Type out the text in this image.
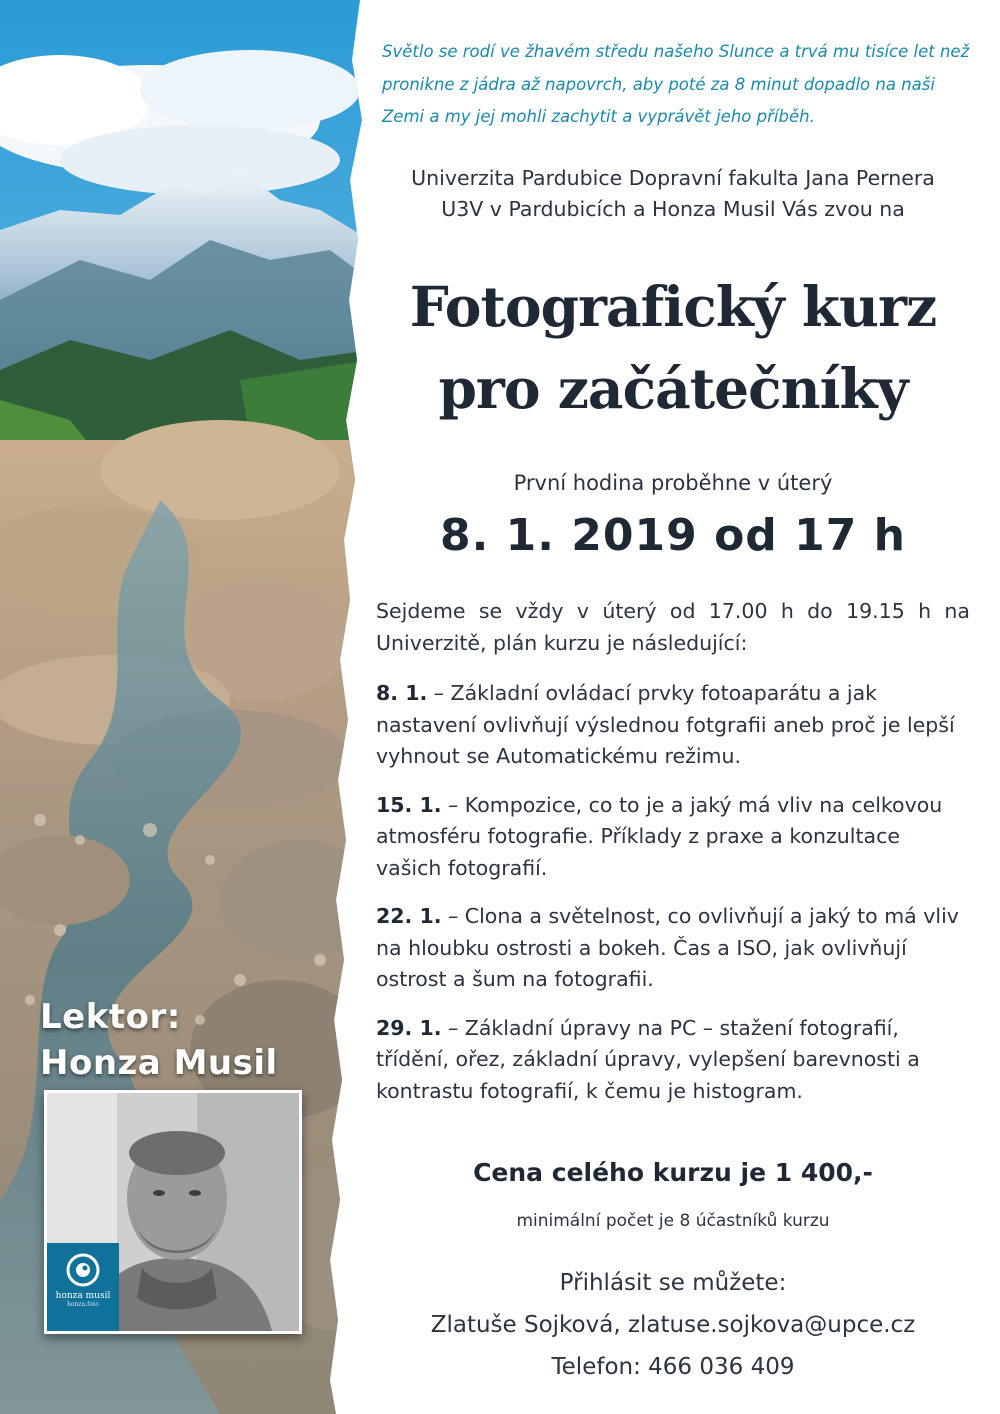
Lektor:
Honza Musil
honza musil
honza.foto
Světlo se rodí ve žhavém středu našeho Slunce a trvá mu tisíce let než pronikne z jádra až napovrch, aby poté za 8 minut dopadlo na naši Zemi a my jej mohli zachytit a vyprávět jeho příběh.
Univerzita Pardubice Dopravní fakulta Jana Pernera
U3V v Pardubicích a Honza Musil Vás zvou na
Fotografický kurz
pro začátečníky
První hodina proběhne v úterý
8. 1. 2019 od 17 h
Sejdeme se vždy v úterý od 17.00 h do 19.15 h na Univerzitě, plán kurzu je následující:
8. 1. – Základní ovládací prvky fotoaparátu a jak nastavení ovlivňují výslednou fotgrafii aneb proč je lepší vyhnout se Automatickému režimu.
15. 1. – Kompozice, co to je a jaký má vliv na celkovou atmosféru fotografie. Příklady z praxe a konzultace vašich fotografií.
22. 1. – Clona a světelnost, co ovlivňují a jaký to má vliv na hloubku ostrosti a bokeh. Čas a ISO, jak ovlivňují ostrost a šum na fotografii.
29. 1. – Základní úpravy na PC – stažení fotografií, třídění, ořez, základní úpravy, vylepšení barevnosti a kontrastu fotografií, k čemu je histogram.
Cena celého kurzu je 1 400,-
minimální počet je 8 účastníků kurzu
Přihlásit se můžete:
Zlatuše Sojková, zlatuse.sojkova@upce.cz
Telefon: 466 036 409
